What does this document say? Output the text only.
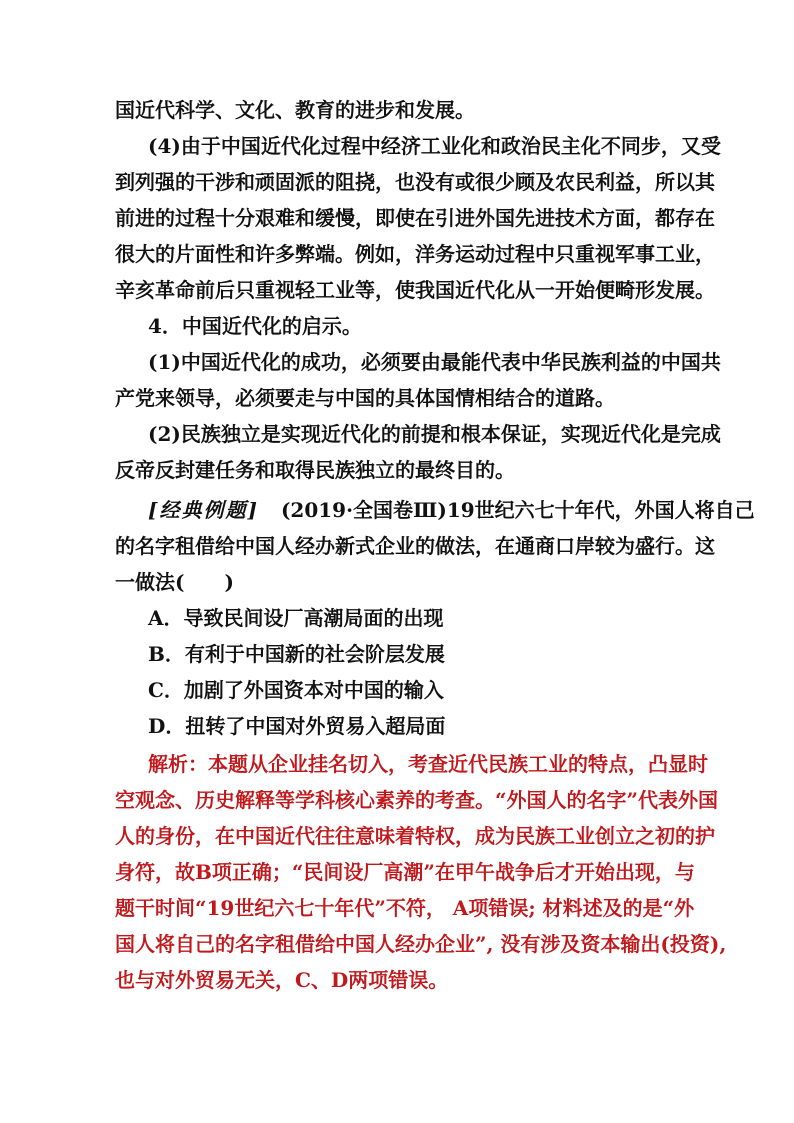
国近代科学、文化、教育的进步和发展。
(4)由于中国近代化过程中经济工业化和政治民主化不同步，又受
到列强的干涉和顽固派的阻挠，也没有或很少顾及农民利益，所以其
前进的过程十分艰难和缓慢，即使在引进外国先进技术方面，都存在
很大的片面性和许多弊端。例如，洋务运动过程中只重视军事工业，
辛亥革命前后只重视轻工业等，使我国近代化从一开始便畸形发展。
4．中国近代化的启示。
(1)中国近代化的成功，必须要由最能代表中华民族利益的中国共
产党来领导，必须要走与中国的具体国情相结合的道路。
(2)民族独立是实现近代化的前提和根本保证，实现近代化是完成
反帝反封建任务和取得民族独立的最终目的。
[经典例题] (2019·全国卷Ⅲ)19世纪六七十年代，外国人将自己
的名字租借给中国人经办新式企业的做法，在通商口岸较为盛行。这
一做法(　　)
A．导致民间设厂高潮局面的出现
B．有利于中国新的社会阶层发展
C．加剧了外国资本对中国的输入
D．扭转了中国对外贸易入超局面
解析：本题从企业挂名切入，考查近代民族工业的特点，凸显时
空观念、历史解释等学科核心素养的考查。“外国人的名字”代表外国
人的身份，在中国近代往往意味着特权，成为民族工业创立之初的护
身符，故B项正确；“民间设厂高潮”在甲午战争后才开始出现，与
题干时间“19世纪六七十年代”不符， A项错误; 材料述及的是“外
国人将自己的名字租借给中国人经办企业”, 没有涉及资本输出(投资),
也与对外贸易无关，C、D两项错误。
